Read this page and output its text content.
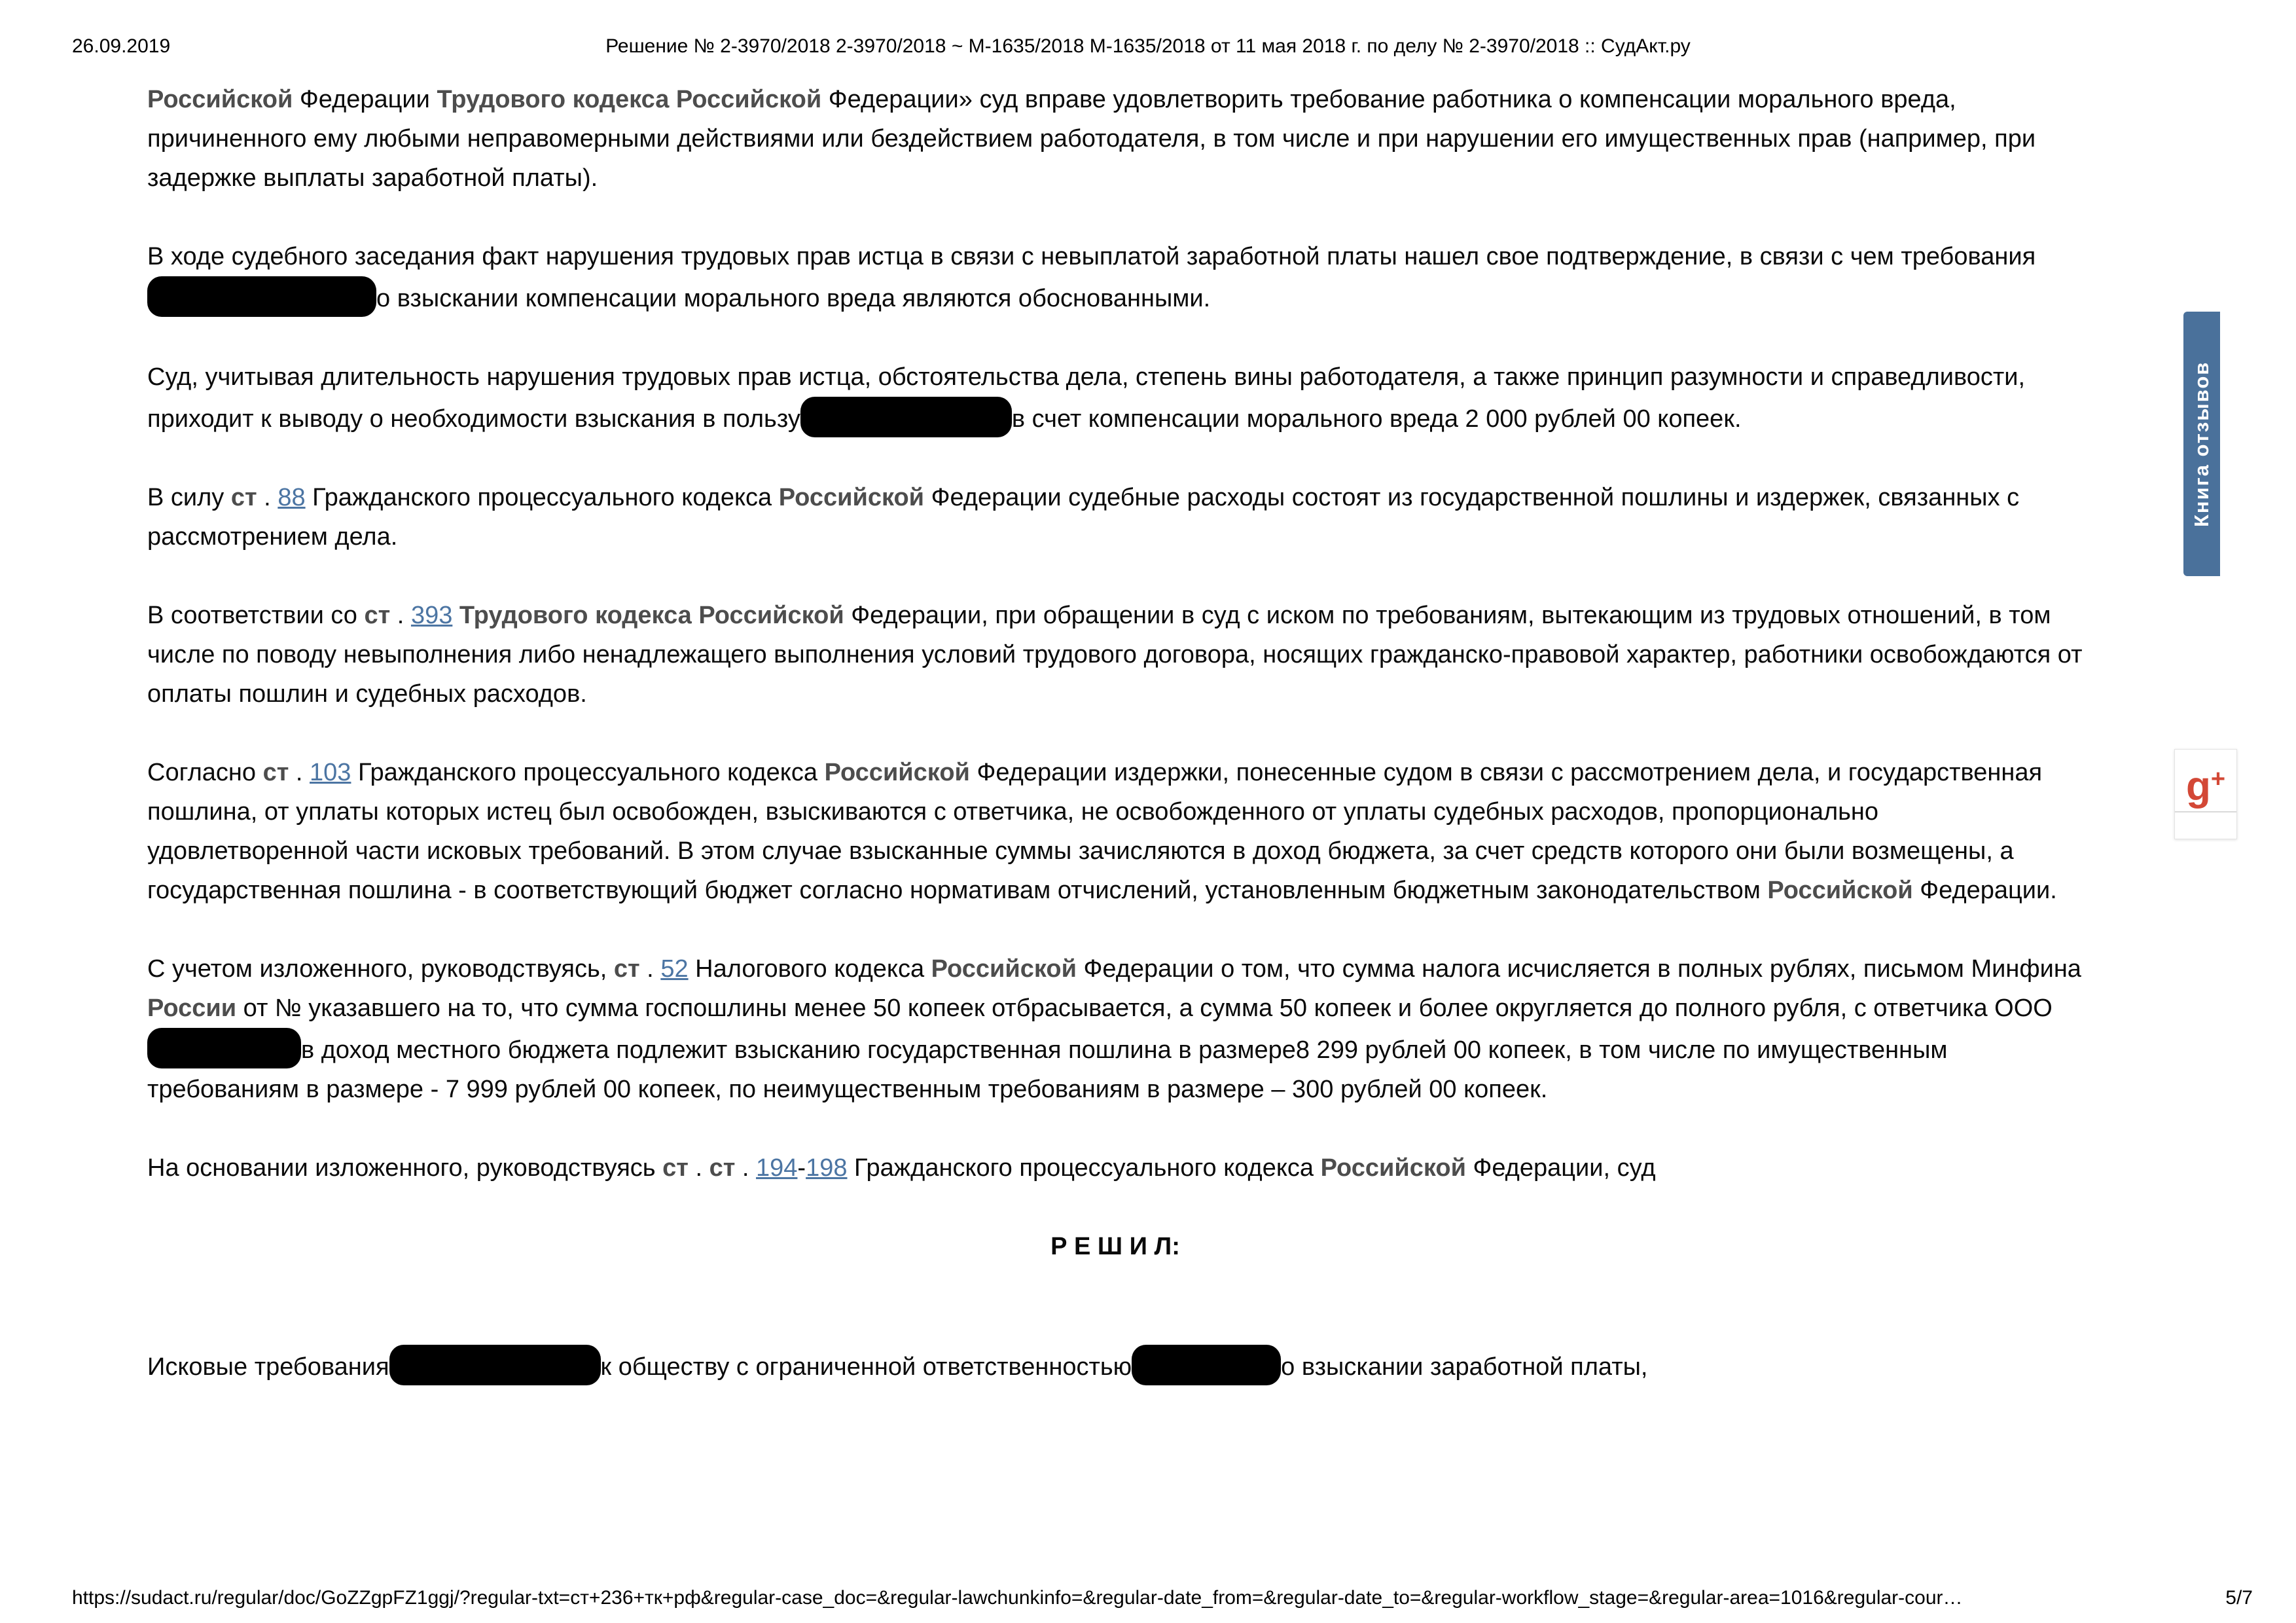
26.09.2019	Решение № 2-3970/2018 2-3970/2018 ~ М-1635/2018 М-1635/2018 от 11 мая 2018 г. по делу № 2-3970/2018 :: СудАкт.ру

Российской Федерации Трудового кодекса Российской Федерации» суд вправе удовлетворить требование работника о компенсации морального вреда, причиненного ему любыми неправомерными действиями или бездействием работодателя, в том числе и при нарушении его имущественных прав (например, при задержке выплаты заработной платы).

В ходе судебного заседания факт нарушения трудовых прав истца в связи с невыплатой заработной платы нашел свое подтверждение, в связи с чем требованияо взыскании компенсации морального вреда являются обоснованными.

Суд, учитывая длительность нарушения трудовых прав истца, обстоятельства дела, степень вины работодателя, а также принцип разумности и справедливости, приходит к выводу о необходимости взыскания в пользу	в счет компенсации морального вреда 2 000 рублей 00 копеек.

В силу ст . 88 Гражданского процессуального кодекса Российской Федерации судебные расходы состоят из государственной пошлины и издержек, связанных с рассмотрением дела.

В соответствии со ст . 393 Трудового кодекса Российской Федерации, при обращении в суд с иском по требованиям, вытекающим из трудовых отношений, в том числе по поводу невыполнения либо ненадлежащего выполнения условий трудового договора, носящих гражданско-правовой характер, работники освобождаются от оплаты пошлин и судебных расходов.

Согласно ст . 103 Гражданского процессуального кодекса Российской Федерации издержки, понесенные судом в связи с рассмотрением дела, и государственная пошлина, от уплаты которых истец был освобожден, взыскиваются с ответчика, не освобожденного от уплаты судебных расходов, пропорционально удовлетворенной части исковых требований. В этом случае взысканные суммы зачисляются в доход бюджета, за счет средств которого они были возмещены, а государственная пошлина - в соответствующий бюджет согласно нормативам отчислений, установленным бюджетным законодательством Российской Федерации.

С учетом изложенного, руководствуясь, ст . 52 Налогового кодекса Российской Федерации о том, что сумма налога исчисляется в полных рублях, письмом Минфина России от № указавшего на то, что сумма госпошлины менее 50 копеек отбрасывается, а сумма 50 копеек и более округляется до полного рубля, с ответчика ОООв доход местного бюджета подлежит взысканию государственная пошлина в размере8 299 рублей 00 копеек, в том числе по имущественным требованиям в размере - 7 999 рублей 00 копеек, по неимущественным требованиям в размере – 300 рублей 00 копеек.

На основании изложенного, руководствуясь ст . ст . 194-198 Гражданского процессуального кодекса Российской Федерации, суд

Р Е Ш И Л:

Исковые требования	к обществу с ограниченной ответственностью	о взыскании заработной платы,

Книга отзывов
g+
https://sudact.ru/regular/doc/GoZZgpFZ1ggj/?regular-txt=ст+236+тк+рф&regular-case_doc=&regular-lawchunkinfo=&regular-date_from=&regular-date_to=&regular-workflow_stage=&regular-area=1016&regular-cour…	5/7
